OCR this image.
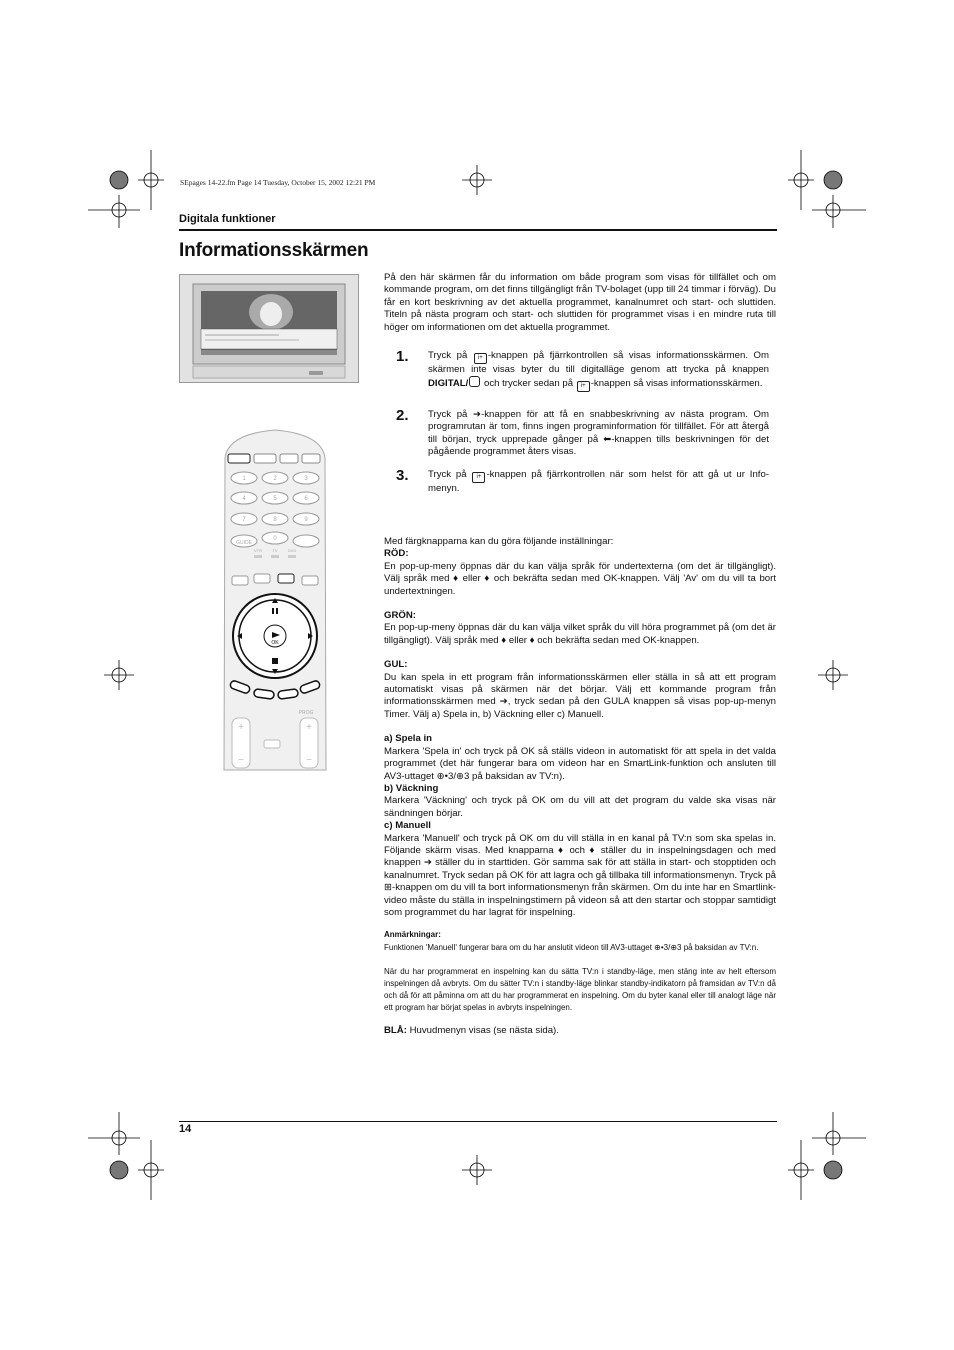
SEpages 14-22.fm Page 14 Tuesday, October 15, 2002 12:21 PM
Digitala funktioner
Informationsskärmen
1	2	3
4	5	6
7	8	9
0
GUIDE
VTR	TV	DVD
OK
PROG
+
−
+
−
På den här skärmen får du information om både program som visas för tillfället och om kommande program, om det finns tillgängligt från TV-bolaget (upp till 24 timmar i förväg). Du får en kort beskrivning av det aktuella programmet, kanalnumret och start- och sluttiden. Titeln på nästa program och start- och sluttiden för programmet visas i en mindre ruta till höger om informationen om det aktuella programmet.
1. Tryck på i+ -knappen på fjärrkontrollen så visas informationsskärmen. Om skärmen inte visas byter du till digitalläge genom att trycka på knappen DIGITAL/ och trycker sedan på i+ -knappen så visas informationsskärmen.
2. Tryck på ➔-knappen för att få en snabbeskrivning av nästa program. Om programrutan är tom, finns ingen programinformation för tillfället. För att återgå till början, tryck upprepade gånger på ⬅-knappen tills beskrivningen för det pågående programmet åters visas.
3. Tryck på i+ -knappen på fjärrkontrollen när som helst för att gå ut ur Info-menyn.
Med färgknapparna kan du göra följande inställningar:
RÖD:
En pop-up-meny öppnas där du kan välja språk för undertexterna (om det är tillgängligt). Välj språk med ♦ eller ♦ och bekräfta sedan med OK-knappen. Välj 'Av' om du vill ta bort undertextningen.
GRÖN:
En pop-up-meny öppnas där du kan välja vilket språk du vill höra programmet på (om det är tillgängligt). Välj språk med ♦ eller ♦ och bekräfta sedan med OK-knappen.
GUL:
Du kan spela in ett program från informationsskärmen eller ställa in så att ett program automatiskt visas på skärmen när det börjar. Välj ett kommande program från informationsskärmen med ➔, tryck sedan på den GULA knappen så visas pop-up-menyn Timer. Välj a) Spela in, b) Väckning eller c) Manuell.
a) Spela in
Markera 'Spela in' och tryck på OK så ställs videon in automatiskt för att spela in det valda programmet (det här fungerar bara om videon har en SmartLink-funktion och ansluten till AV3-uttaget ⊕•3/⊕3 på baksidan av TV:n).
b) Väckning
Markera 'Väckning' och tryck på OK om du vill att det program du valde ska visas när sändningen börjar.
c) Manuell
Markera 'Manuell' och tryck på OK om du vill ställa in en kanal på TV:n som ska spelas in. Följande skärm visas. Med knapparna ♦ och ♦ ställer du in inspelningsdagen och med knappen ➔ ställer du in starttiden. Gör samma sak för att ställa in start- och stopptiden och kanalnumret. Tryck sedan på OK för att lagra och gå tillbaka till informationsmenyn. Tryck på ⊞-knappen om du vill ta bort informationsmenyn från skärmen. Om du inte har en Smartlink-video måste du ställa in inspelningstimern på videon så att den startar och stoppar samtidigt som programmet du har lagrat för inspelning.
Anmärkningar:
Funktionen 'Manuell' fungerar bara om du har anslutit videon till AV3-uttaget ⊕•3/⊕3 på baksidan av TV:n.
När du har programmerat en inspelning kan du sätta TV:n i standby-läge, men stäng inte av helt eftersom inspelningen då avbryts. Om du sätter TV:n i standby-läge blinkar standby-indikatorn på framsidan av TV:n då och då för att påminna om att du har programmerat en inspelning. Om du byter kanal eller till analogt läge när ett program har börjat spelas in avbryts inspelningen.
BLÅ: Huvudmenyn visas (se nästa sida).
14
